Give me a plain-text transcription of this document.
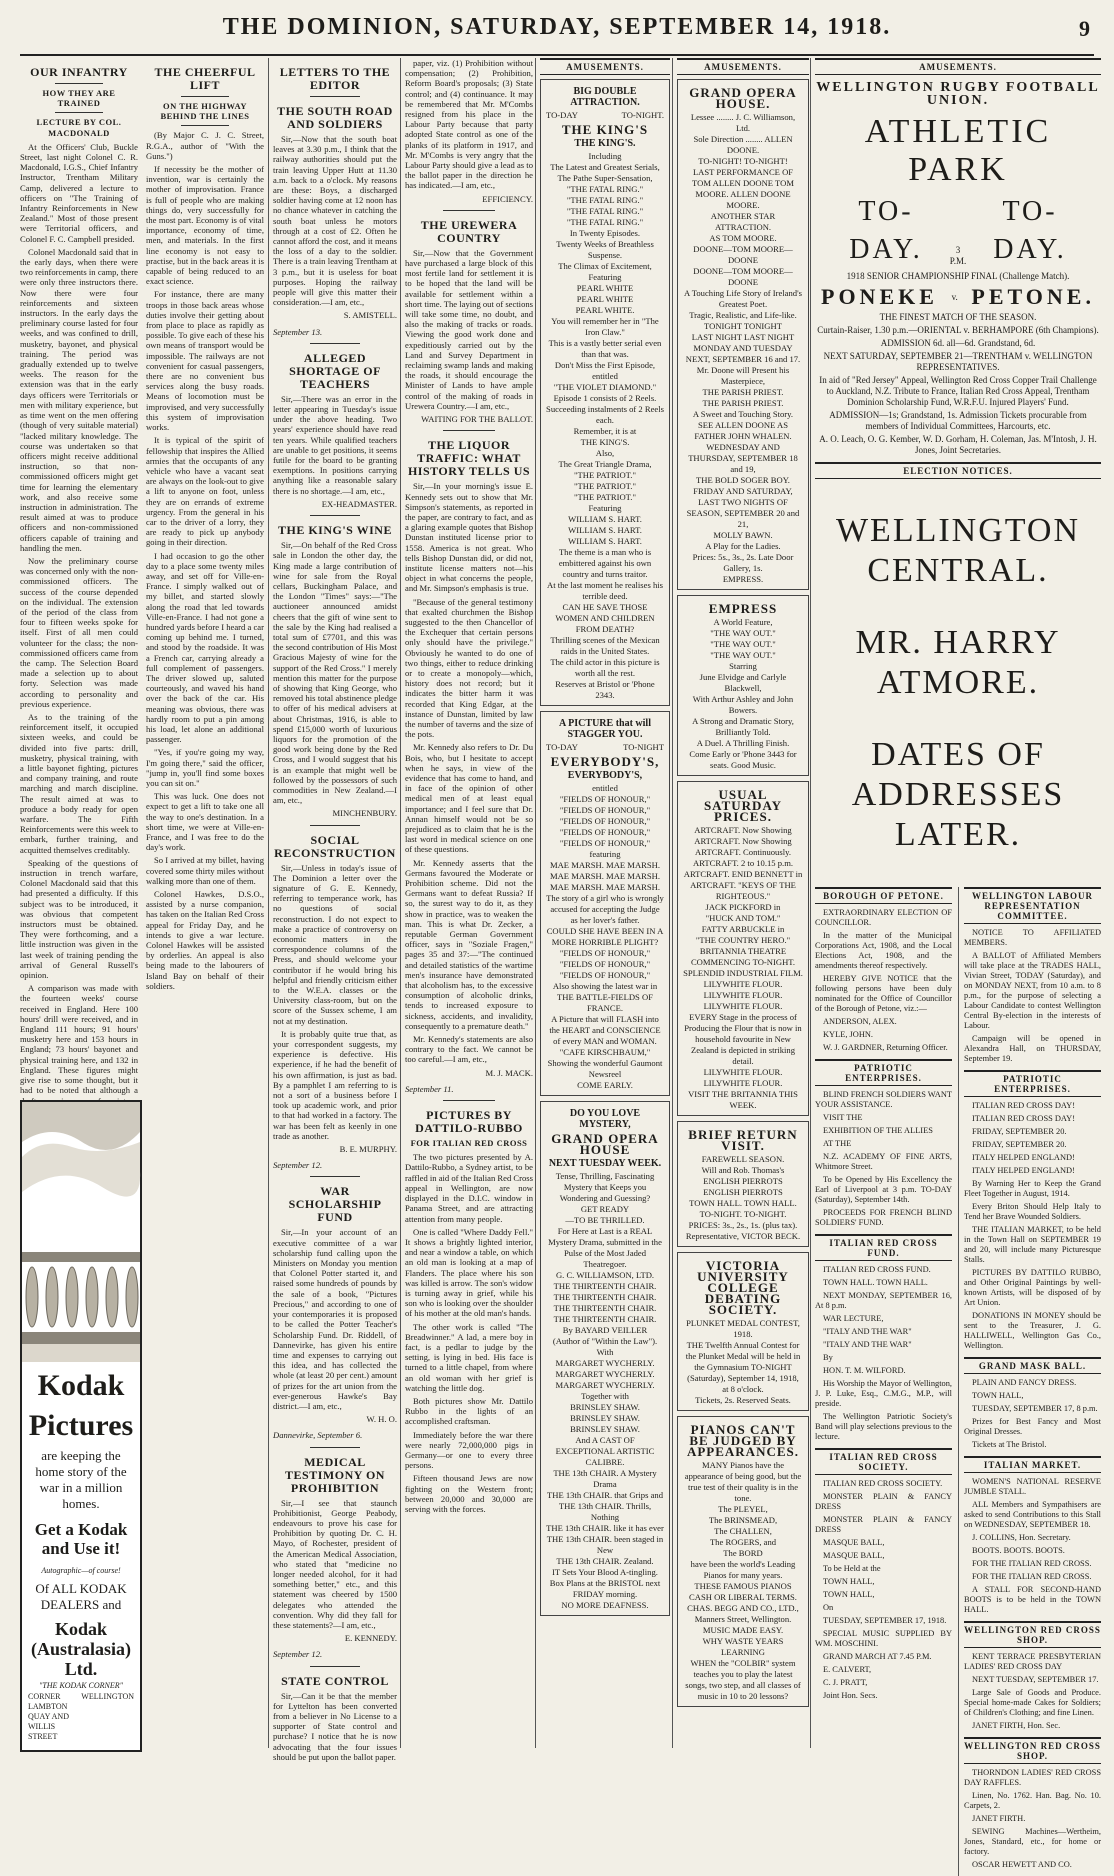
THE DOMINION, SATURDAY, SEPTEMBER 14, 1918.	9
OUR INFANTRY
HOW THEY ARE TRAINED
LECTURE BY COL. MACDONALD

At the Officers' Club, Buckle Street, last night Colonel C. R. Macdonald, I.G.S., Chief Infantry Instructor, Trentham Military Camp, delivered a lecture to officers on "The Training of Infantry Reinforcements in New Zealand." Most of those present were Territorial officers, and Colonel F. C. Campbell presided.

Colonel Macdonald said that in the early days, when there were two reinforcements in camp, there were only three instructors there. Now there were four reinforcements and sixteen instructors. In the early days the preliminary course lasted for four weeks, and was confined to drill, musketry, bayonet, and physical training. The period was gradually extended up to twelve weeks. The reason for the extension was that in the early days officers were Territorials or men with military experience, but as time went on the men offering (though of very suitable material) "lacked military knowledge. The course was undertaken so that officers might receive additional instruction, so that non-commissioned officers might get time for learning the elementary work, and also receive some instruction in administration. The result aimed at was to produce officers and non-commissioned officers capable of training and handling the men.

Now the preliminary course was concerned only with the non-commissioned officers. The success of the course depended on the individual. The extension of the period of the class from four to fifteen weeks spoke for itself. First of all men could volunteer for the class; the non-commissioned officers came from the camp. The Selection Board made a selection up to about forty. Selection was made according to personality and previous experience.

As to the training of the reinforcement itself, it occupied sixteen weeks, and could be divided into five parts: drill, musketry, physical training, with a little bayonet fighting, pictures and company training, and route marching and march discipline. The result aimed at was to produce a body ready for open warfare. The Fifth Reinforcements were this week to embark, further training, and acquitted themselves creditably.

Speaking of the questions of instruction in trench warfare, Colonel Macdonald said that this had presented a difficulty. If this subject was to be introduced, it was obvious that competent instructors must be obtained. They were forthcoming, and a little instruction was given in the last week of training pending the arrival of General Russell's opinion.

A comparison was made with the fourteen weeks' course received in England. Here 100 hours' drill were received, and in England 111 hours; 91 hours' musketry here and 153 hours in England; 73 hours' bayonet and physical training here, and 132 in England. These figures might give rise to some thought, but it had to be noted that although a

Kodak
Pictures
are keeping the home story of the war in a million homes.
Get a Kodak and Use it!
Autographic—of course!
Of ALL KODAK DEALERS and
Kodak (Australasia) Ltd.
"THE KODAK CORNER"
CORNER LAMBTON QUAY AND WILLIS STREET
WELLINGTON
THE CHEERFUL LIFT
ON THE HIGHWAY BEHIND THE LINES

(By Major C. J. C. Street, R.G.A., author of "With the Guns.")

If necessity be the mother of invention, war is certainly the mother of improvisation. France is full of people who are making things do, very successfully for the most part. Economy is of vital importance, economy of time, men, and materials. In the first line economy is not easy to practise, but in the back areas it is capable of being reduced to an exact science.

For instance, there are many troops in those back areas whose duties involve their getting about from place to place as rapidly as possible. To give each of these his own means of transport would be impossible. The railways are not convenient for casual passengers, there are no convenient bus services along the busy roads. Means of locomotion must be improvised, and very successfully this system of improvisation works.

It is typical of the spirit of fellowship that inspires the Allied armies that the occupants of any vehicle who have a vacant seat are always on the look-out to give a lift to anyone on foot, unless they are on errands of extreme urgency. From the general in his car to the driver of a lorry, they are ready to pick up anybody going in their direction.

I had occasion to go the other day to a place some twenty miles away, and set off for Ville-en-France. I simply walked out of my billet, and started slowly along the road that led towards Ville-en-France. I had not gone a hundred yards before I heard a car coming up behind me. I turned, and stood by the roadside. It was a French car, carrying already a full complement of passengers. The driver slowed up, saluted courteously, and waved his hand over the back of the car. His meaning was obvious, there was hardly room to put a pin among his load, let alone an additional passenger.

"Yes, if you're going my way, I'm going there," said the officer, "jump in, you'll find some boxes you can sit on."

This was luck. One does not expect to get a lift to take one all the way to one's destination. In a short time, we were at Ville-en-France, and I was free to do the day's work.

So I arrived at my billet, having covered some thirty miles without walking more than one of them.

Colonel Hawkes, D.S.O., assisted by a nurse companion, has taken on the Italian Red Cross appeal for Friday Day, and he intends to give a war lecture. Colonel Hawkes will be assisted by orderlies. An appeal is also being made to the labourers of Island Bay on behalf of their soldiers.

LETTERS TO THE EDITOR
THE SOUTH ROAD AND SOLDIERS

Sir,—Now that the south boat leaves at 3.30 p.m., I think that the railway authorities should put the train leaving Upper Hutt at 11.30 a.m. back to a o'clock. My reasons are these: Boys, a discharged soldier having come at 12 noon has no chance whatever in catching the south boat unless he motors through at a cost of £2. Often he cannot afford the cost, and it means the loss of a day to the soldier. There is a train leaving Trentham at 3 p.m., but it is useless for boat purposes. Hoping the railway people will give this matter their consideration.—I am, etc.,

S. AMISTELL.
September 13.
ALLEGED SHORTAGE OF TEACHERS

Sir,—There was an error in the letter appearing in Tuesday's issue under the above heading. Two years' experience should have read ten years. While qualified teachers are unable to get positions, it seems futile for the board to be granting exemptions. In positions carrying anything like a reasonable salary there is no shortage.—I am, etc.,

EX-HEADMASTER.
THE KING'S WINE

Sir,—On behalf of the Red Cross sale in London the other day, the King made a large contribution of wine for sale from the Royal cellars, Buckingham Palace, and the London "Times" says:—"The auctioneer announced amidst cheers that the gift of wine sent to the sale by the King had realised a total sum of £7701, and this was the second contribution of His Most Gracious Majesty of wine for the support of the Red Cross." I merely mention this matter for the purpose of showing that King George, who removed his total abstinence pledge to offer of his medical advisers at about Christmas, 1916, is able to spend £15,000 worth of luxurious liquors for the promotion of the good work being done by the Red Cross, and I would suggest that his is an example that might well be followed by the possessors of such commodities in New Zealand.—I am, etc.,

MINCHENBURY.
SOCIAL RECONSTRUCTION

Sir,—Unless in today's issue of The Dominion a letter over the signature of G. E. Kennedy, referring to temperance work, has no questions of social reconstruction. I do not expect to make a practice of controversy on economic matters in the correspondence columns of the Press, and should welcome your contributor if he would bring his helpful and friendly criticism either to the W.E.A. classes or the University class-room, but on the score of the Sussex scheme, I am not at my destination.

It is probably quite true that, as your correspondent suggests, my experience is defective. His experience, if he had the benefit of his own affirmation, is just as bad. By a pamphlet I am referring to is not a sort of a business before I took up academic work, and prior to that had worked in a factory. The war has been felt as keenly in one trade as another.

B. E. MURPHY.
September 12.
WAR SCHOLARSHIP FUND

Sir,—In your account of an executive committee of a war scholarship fund calling upon the Ministers on Monday you mention that Colonel Potter started it, and raised some hundreds of pounds by the sale of a book, "Pictures Precious," and according to one of your contemporaries it is proposed to be called the Potter Teacher's Scholarship Fund. Dr. Riddell, of Dannevirke, has given his entire time and expenses to carrying out this idea, and has collected the whole (at least 20 per cent.) amount of prizes for the art union from the ever-generous Hawke's Bay district.—I am, etc.,

W. H. O.
Dannevirke, September 6.
MEDICAL TESTIMONY ON PROHIBITION

Sir,—I see that staunch Prohibitionist, George Peabody, endeavours to prove his case for Prohibition by quoting Dr. C. H. Mayo, of Rochester, president of the American Medical Association, who stated that "medicine no longer needed alcohol, for it had something better," etc., and this statement was cheered by 1500 delegates who attended the convention. Why did they fall for these statements?—I am, etc.,

E. KENNEDY.
September 12.
STATE CONTROL

Sir,—Can it be that the member for Lyttelton has been converted from a believer in No License to a supporter of State control and purchase? I notice that he is now advocating that the four issues should be put upon the ballot paper.

paper, viz. (1) Prohibition without compensation; (2) Prohibition, Reform Board's proposals; (3) State control; and (4) continuance. It may be remembered that Mr. M'Combs resigned from his place in the Labour Party because that party adopted State control as one of the planks of its platform in 1917, and Mr. M'Combs is very angry that the Labour Party should give a lead as to the ballot paper in the direction he has indicated.—I am, etc.,

EFFICIENCY.
THE UREWERA COUNTRY

Sir,—Now that the Government have purchased a large block of this most fertile land for settlement it is to be hoped that the land will be available for settlement within a short time. The laying out of sections will take some time, no doubt, and also the making of tracks or roads. Viewing the good work done and expeditiously carried out by the Land and Survey Department in reclaiming swamp lands and making the roads, it should encourage the Minister of Lands to have ample control of the making of roads in Urewera Country.—I am, etc.,

WAITING FOR THE BALLOT.
THE LIQUOR TRAFFIC: WHAT HISTORY TELLS US

Sir,—In your morning's issue E. Kennedy sets out to show that Mr. Simpson's statements, as reported in the paper, are contrary to fact, and as a glaring example quotes that Bishop Dunstan instituted license prior to 1558. America is not great. Who tells Bishop Dunstan did, or did not, institute license matters not—his object in what concerns the people, and Mr. Simpson's emphasis is true.

"Because of the general testimony that exalted churchmen the Bishop suggested to the then Chancellor of the Exchequer that certain persons only should have the privilege." Obviously he wanted to do one of two things, either to reduce drinking or to create a monopoly—which, history does not record; but it indicates the bitter harm it was recorded that King Edgar, at the instance of Dunstan, limited by law the number of taverns and the size of the pots.

Mr. Kennedy also refers to Dr. Du Bois, who, but I hesitate to accept when he says, in view of the evidence that has come to hand, and in face of the opinion of other medical men of at least equal importance; and I feel sure that Dr. Annan himself would not be so prejudiced as to claim that he is the last word in medical science on one of these questions.

Mr. Kennedy asserts that the Germans favoured the Moderate or Prohibition scheme. Did not the Germans want to defeat Russia? If so, the surest way to do it, as they show in practice, was to weaken the man. This is what Dr. Zecker, a reputable German Government officer, says in "Soziale Fragen," pages 35 and 37:—"The continued and detailed statistics of the wartime men's insurance have demonstrated that alcoholism has, to the excessive consumption of alcoholic drinks, tends to increased exposure to sickness, accidents, and invalidity, consequently to a premature death."

Mr. Kennedy's statements are also contrary to the fact. We cannot be too careful.—I am, etc.,

M. J. MACK.
September 11.
PICTURES BY DATTILO-RUBBO
FOR ITALIAN RED CROSS

The two pictures presented by A. Dattilo-Rubbo, a Sydney artist, to be raffled in aid of the Italian Red Cross appeal in Wellington, are now displayed in the D.I.C. window in Panama Street, and are attracting attention from many people.

One is called "Where Daddy Fell." It shows a brightly lighted interior, and near a window a table, on which an old man is looking at a map of Flanders. The place where his son was killed is arrow. The son's widow is turning away in grief, while his son who is looking over the shoulder of his mother at the old man's hands.

The other work is called "The Breadwinner." A lad, a mere boy in fact, is a pedlar to judge by the setting, is lying in bed. His face is turned to a little chapel, from where an old woman with her grief is watching the little dog.

Both pictures show Mr. Dattilo Rubbo in the lights of an accomplished craftsman.

Immediately before the war there were nearly 72,000,000 pigs in Germany—or one to every three persons.

Fifteen thousand Jews are now fighting on the Western front; between 20,000 and 30,000 are serving with the forces.

AMUSEMENTS.
BIG DOUBLE ATTRACTION.
TO-DAY	TO-NIGHT.
THE KING'S
THE KING'S.
Including
The Latest and Greatest Serials,
The Pathe Super-Sensation,
"THE FATAL RING."
"THE FATAL RING."
"THE FATAL RING."
"THE FATAL RING."
In Twenty Episodes.
Twenty Weeks of Breathless Suspense.
The Climax of Excitement,
Featuring
PEARL WHITE
PEARL WHITE
PEARL WHITE.
You will remember her in "The Iron Claw."
This is a vastly better serial even than that was.
Don't Miss the First Episode, entitled
"THE VIOLET DIAMOND."
Episode 1 consists of 2 Reels.
Succeeding instalments of 2 Reels each.
Remember, it is at
THE KING'S.
Also,
The Great Triangle Drama,
"THE PATRIOT."
"THE PATRIOT."
"THE PATRIOT."
Featuring
WILLIAM S. HART.
WILLIAM S. HART.
WILLIAM S. HART.
The theme is a man who is embittered against his own country and turns traitor.
At the last moment he realises his terrible deed.
CAN HE SAVE THOSE WOMEN AND CHILDREN FROM DEATH?
Thrilling scenes of the Mexican raids in the United States.
The child actor in this picture is worth all the rest.
Reserves at Bristol or 'Phone 2343.
A PICTURE that will STAGGER YOU.
TO-DAY	TO-NIGHT
EVERYBODY'S,
EVERYBODY'S,
entitled
"FIELDS OF HONOUR,"
"FIELDS OF HONOUR,"
"FIELDS OF HONOUR,"
"FIELDS OF HONOUR,"
"FIELDS OF HONOUR,"
featuring
MAE MARSH. MAE MARSH.
MAE MARSH. MAE MARSH.
MAE MARSH. MAE MARSH.
The story of a girl who is wrongly accused for accepting the Judge as her lover's father.
COULD SHE HAVE BEEN IN A MORE HORRIBLE PLIGHT?
"FIELDS OF HONOUR,"
"FIELDS OF HONOUR,"
"FIELDS OF HONOUR,"
Also showing the latest war in THE BATTLE-FIELDS OF FRANCE.
A Picture that will FLASH into the HEART and CONSCIENCE of every MAN and WOMAN.
"CAFE KIRSCHBAUM,"
Showing the wonderful Gaumont Newsreel
COME EARLY.
DO YOU LOVE MYSTERY,
GRAND OPERA HOUSE
NEXT TUESDAY WEEK.
Tense, Thrilling, Fascinating Mystery that Keeps you Wondering and Guessing?
GET READY
—TO BE THRILLED.
For Here at Last is a REAL Mystery Drama, submitted in the Pulse of the Most Jaded Theatregoer.
G. C. WILLIAMSON, LTD.
THE THIRTEENTH CHAIR.
THE THIRTEENTH CHAIR.
THE THIRTEENTH CHAIR.
THE THIRTEENTH CHAIR.
By BAYARD VEILLER
(Author of "Within the Law").
With
MARGARET WYCHERLY.
MARGARET WYCHERLY.
MARGARET WYCHERLY.
Together with
BRINSLEY SHAW.
BRINSLEY SHAW.
BRINSLEY SHAW.
And A CAST OF EXCEPTIONAL ARTISTIC CALIBRE.
THE 13th CHAIR. A Mystery Drama
THE 13th CHAIR. that Grips and
THE 13th CHAIR. Thrills, Nothing
THE 13th CHAIR. like it has ever
THE 13th CHAIR. been staged in New
THE 13th CHAIR. Zealand.
IT Sets Your Blood A-tingling.
Box Plans at the BRISTOL next FRIDAY morning.
NO MORE DEAFNESS.
AMUSEMENTS.
GRAND OPERA HOUSE.
Lessee ........ J. C. Williamson, Ltd.
Sole Direction ........ ALLEN DOONE.
TO-NIGHT! TO-NIGHT!
LAST PERFORMANCE OF
TOM ALLEN DOONE TOM
MOORE. ALLEN DOONE MOORE.
ANOTHER STAR ATTRACTION.
AS TOM MOORE.
DOONE—TOM MOORE—DOONE
DOONE—TOM MOORE—DOONE
A Touching Life Story of Ireland's Greatest Poet.
Tragic, Realistic, and Life-like.
TONIGHT TONIGHT
LAST NIGHT LAST NIGHT
MONDAY AND TUESDAY NEXT, SEPTEMBER 16 and 17.
Mr. Doone will Present his Masterpiece,
THE PARISH PRIEST.
THE PARISH PRIEST.
A Sweet and Touching Story.
SEE ALLEN DOONE AS FATHER JOHN WHALEN.
WEDNESDAY AND THURSDAY, SEPTEMBER 18 and 19,
THE BOLD SOGER BOY.
FRIDAY AND SATURDAY, LAST TWO NIGHTS OF SEASON, SEPTEMBER 20 and 21,
MOLLY BAWN.
A Play for the Ladies.
Prices: 5s., 3s., 2s. Late Door Gallery, 1s.
EMPRESS.
EMPRESS
A World Feature,
"THE WAY OUT."
"THE WAY OUT."
"THE WAY OUT."
Starring
June Elvidge and Carlyle Blackwell,
With Arthur Ashley and John Bowers.
A Strong and Dramatic Story, Brilliantly Told.
A Duel. A Thrilling Finish.
Come Early or 'Phone 3443 for seats. Good Music.
USUAL SATURDAY PRICES.
ARTCRAFT. Now Showing
ARTCRAFT. Now Showing
ARTCRAFT. Continuously.
ARTCRAFT. 2 to 10.15 p.m.
ARTCRAFT. ENID BENNETT in
ARTCRAFT. "KEYS OF THE RIGHTEOUS."
JACK PICKFORD in
"HUCK AND TOM."
FATTY ARBUCKLE in
"THE COUNTRY HERO."
BRITANNIA THEATRE COMMENCING TO-NIGHT.
SPLENDID INDUSTRIAL FILM.
LILYWHITE FLOUR.
LILYWHITE FLOUR.
LILYWHITE FLOUR.
EVERY Stage in the process of Producing the Flour that is now in household favourite in New Zealand is depicted in striking detail.
LILYWHITE FLOUR.
LILYWHITE FLOUR.
VISIT THE BRITANNIA THIS WEEK.
BRIEF RETURN VISIT.
FAREWELL SEASON.
Will and Rob. Thomas's
ENGLISH PIERROTS
ENGLISH PIERROTS
TOWN HALL. TOWN HALL.
TO-NIGHT. TO-NIGHT.
PRICES: 3s., 2s., 1s. (plus tax).
Representative, VICTOR BECK.
VICTORIA UNIVERSITY COLLEGE DEBATING SOCIETY.
PLUNKET MEDAL CONTEST, 1918.
THE Twelfth Annual Contest for the Plunket Medal will be held in the Gymnasium TO-NIGHT (Saturday), September 14, 1918, at 8 o'clock.
Tickets, 2s. Reserved Seats.
PIANOS CAN'T BE JUDGED BY APPEARANCES.
MANY Pianos have the appearance of being good, but the true test of their quality is in the tone.
The PLEYEL,
The BRINSMEAD,
The CHALLEN,
The ROGERS, and
The BORD
have been the world's Leading Pianos for many years.
THESE FAMOUS PIANOS
CASH OR LIBERAL TERMS.
CHAS. BEGG AND CO., LTD.,
Manners Street, Wellington.
MUSIC MADE EASY.
WHY WASTE YEARS LEARNING
WHEN the "COLBIR" system teaches you to play the latest songs, two step, and all classes of music in 10 to 20 lessons?
AMUSEMENTS.
WELLINGTON RUGBY FOOTBALL UNION.
ATHLETIC PARK
TO-DAY.	3 P.M.
TO-DAY.
1918 SENIOR CHAMPIONSHIP FINAL (Challenge Match).
PONEKE v. PETONE.
THE FINEST MATCH OF THE SEASON.
Curtain-Raiser, 1.30 p.m.—ORIENTAL v. BERHAMPORE (6th Champions).
ADMISSION 6d. all—6d. Grandstand, 6d.
NEXT SATURDAY, SEPTEMBER 21—TRENTHAM v. WELLINGTON REPRESENTATIVES.
In aid of "Red Jersey" Appeal, Wellington Red Cross Copper Trail Challenge to Auckland, N.Z. Tribute to France, Italian Red Cross Appeal, Trentham Dominion Scholarship Fund, W.R.F.U. Injured Players' Fund.
ADMISSION—1s; Grandstand, 1s. Admission Tickets procurable from members of Individual Committees, Harcourts, etc.
A. O. Leach, O. G. Kember, W. D. Gorham, H. Coleman, Jas. M'Intosh, J. H. Jones, Joint Secretaries.
ELECTION NOTICES.
WELLINGTON CENTRAL.
MR. HARRY ATMORE.
DATES OF ADDRESSES LATER.
BOROUGH OF PETONE.

EXTRAORDINARY ELECTION OF COUNCILLOR.

In the matter of the Municipal Corporations Act, 1908, and the Local Elections Act, 1908, and the amendments thereof respectively.

HEREBY GIVE NOTICE that the following persons have been duly nominated for the Office of Councillor of the Borough of Petone, viz.:—

ANDERSON, ALEX.

KYLE, JOHN.

W. J. GARDNER, Returning Officer.

PATRIOTIC ENTERPRISES.

BLIND FRENCH SOLDIERS WANT YOUR ASSISTANCE.

VISIT THE

EXHIBITION OF THE ALLIES

AT THE

N.Z. ACADEMY OF FINE ARTS, Whitmore Street.

To be Opened by His Excellency the Earl of Liverpool at 3 p.m. TO-DAY (Saturday), September 14th.

PROCEEDS FOR FRENCH BLIND SOLDIERS' FUND.

ITALIAN RED CROSS FUND.

ITALIAN RED CROSS FUND.

TOWN HALL. TOWN HALL.

NEXT MONDAY, SEPTEMBER 16, At 8 p.m.

WAR LECTURE,

"ITALY AND THE WAR"

"ITALY AND THE WAR"

By

HON. T. M. WILFORD.

His Worship the Mayor of Wellington, J. P. Luke, Esq., C.M.G., M.P., will preside.

The Wellington Patriotic Society's Band will play selections previous to the lecture.

ITALIAN RED CROSS SOCIETY.

ITALIAN RED CROSS SOCIETY.

MONSTER PLAIN & FANCY DRESS

MONSTER PLAIN & FANCY DRESS

MASQUE BALL,

MASQUE BALL,

To be Held at the

TOWN HALL,

TOWN HALL,

On

TUESDAY, SEPTEMBER 17, 1918.

SPECIAL MUSIC SUPPLIED BY WM. MOSCHINI.

GRAND MARCH AT 7.45 P.M.

E. CALVERT,

C. J. PRATT,

Joint Hon. Secs.

WELLINGTON LABOUR REPRESENTATION COMMITTEE.

NOTICE TO AFFILIATED MEMBERS.

A BALLOT of Affiliated Members will take place at the TRADES HALL, Vivian Street, TODAY (Saturday), and on MONDAY NEXT, from 10 a.m. to 8 p.m., for the purpose of selecting a Labour Candidate to contest Wellington Central By-election in the interests of Labour.

Campaign will be opened in Alexandra Hall, on THURSDAY, September 19.

PATRIOTIC ENTERPRISES.

ITALIAN RED CROSS DAY!

ITALIAN RED CROSS DAY!

FRIDAY, SEPTEMBER 20.

FRIDAY, SEPTEMBER 20.

ITALY HELPED ENGLAND!

ITALY HELPED ENGLAND!

By Warning Her to Keep the Grand Fleet Together in August, 1914.

Every Briton Should Help Italy to Tend her Brave Wounded Soldiers.

THE ITALIAN MARKET, to be held in the Town Hall on SEPTEMBER 19 and 20, will include many Picturesque Stalls.

PICTURES BY DATTILO RUBBO, and Other Original Paintings by well-known Artists, will be disposed of by Art Union.

DONATIONS IN MONEY should be sent to the Treasurer, J. G. HALLIWELL, Wellington Gas Co., Wellington.

GRAND MASK BALL.

PLAIN AND FANCY DRESS.

TOWN HALL,

TUESDAY, SEPTEMBER 17, 8 p.m.

Prizes for Best Fancy and Most Original Dresses.

Tickets at The Bristol.

ITALIAN MARKET.

WOMEN'S NATIONAL RESERVE JUMBLE STALL.

ALL Members and Sympathisers are asked to send Contributions to this Stall on WEDNESDAY, SEPTEMBER 18.

J. COLLINS, Hon. Secretary.

BOOTS. BOOTS. BOOTS.

FOR THE ITALIAN RED CROSS.

FOR THE ITALIAN RED CROSS.

A STALL FOR SECOND-HAND BOOTS is to be held in the TOWN HALL.

WELLINGTON RED CROSS SHOP.

KENT TERRACE PRESBYTERIAN LADIES' RED CROSS DAY

NEXT TUESDAY, SEPTEMBER 17.

Large Sale of Goods and Produce. Special home-made Cakes for Soldiers; of Children's Clothing; and fine Linen.

JANET FIRTH, Hon. Sec.

WELLINGTON RED CROSS SHOP.

THORNDON LADIES' RED CROSS DAY RAFFLES.

Linen, No. 1762. Han. Bag. No. 10. Carpets, 2.

JANET FIRTH.

SEWING Machines—Wertheim, Jones, Standard, etc., for home or factory.

OSCAR HEWETT AND CO.
